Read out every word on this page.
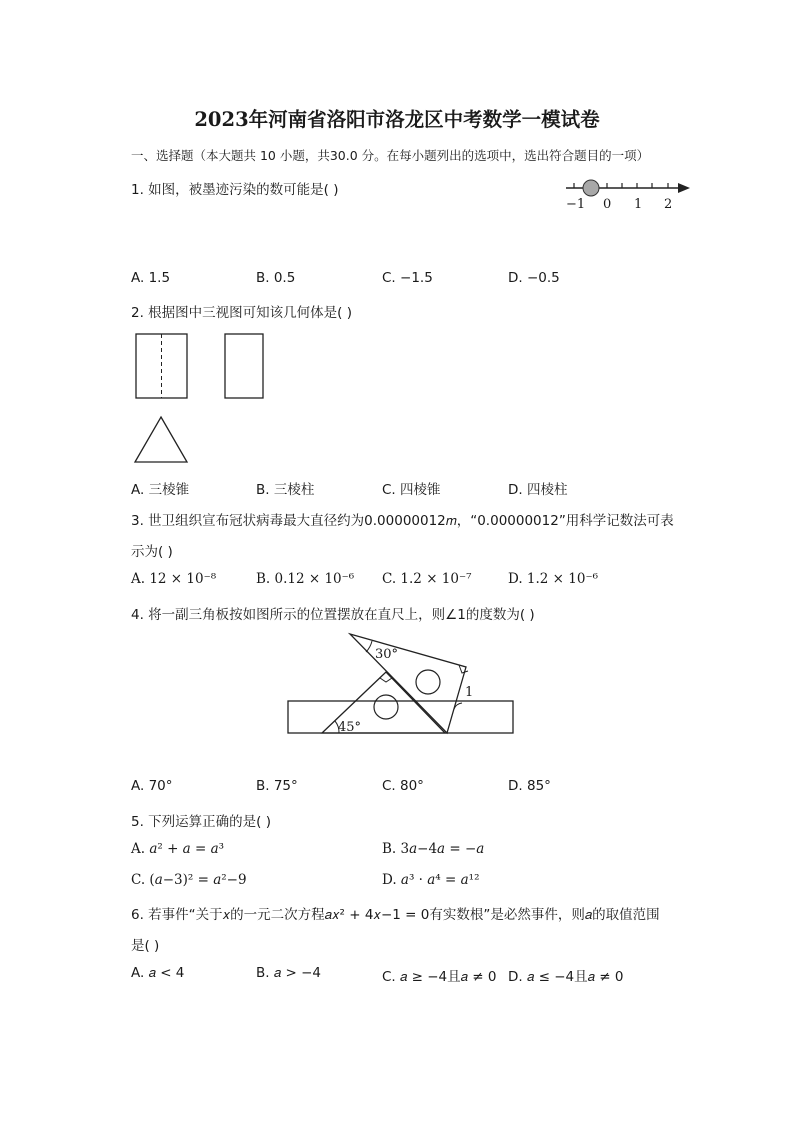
2023年河南省洛阳市洛龙区中考数学一模试卷
一、选择题（本大题共 10 小题，共30.0 分。在每小题列出的选项中，选出符合题目的一项）
1. 如图，被墨迹污染的数可能是( )
−1 0 1 2
A. 1.5	B. 0.5	C. −1.5	D. −0.5
2. 根据图中三视图可知该几何体是( )
A. 三棱锥	B. 三棱柱	C. 四棱锥	D. 四棱柱
3. 世卫组织宣布冠状病毒最大直径约为0.00000012𝑚，“0.00000012”用科学记数法可表
示为( )
A. 12 × 10⁻⁸	B. 0.12 × 10⁻⁶ C. 1.2 × 10⁻⁷	D. 1.2 × 10⁻⁶
4. 将一副三角板按如图所示的位置摆放在直尺上，则∠1的度数为( )
30°
45°
1
A. 70°	B. 75°	C. 80°	D. 85°
5. 下列运算正确的是( )
A. 𝑎² + 𝑎 = 𝑎³	B. 3𝑎−4𝑎 = −𝑎
C. (𝑎−3)² = 𝑎²−9	D. 𝑎³ · 𝑎⁴ = 𝑎¹²
6. 若事件“关于𝑥的一元二次方程𝑎𝑥² + 4𝑥−1 = 0有实数根”是必然事件，则𝑎的取值范围
是( )
A. 𝑎 < 4	B. 𝑎 > −4	C. 𝑎 ≥ −4且𝑎 ≠ 0 D. 𝑎 ≤ −4且𝑎 ≠ 0
